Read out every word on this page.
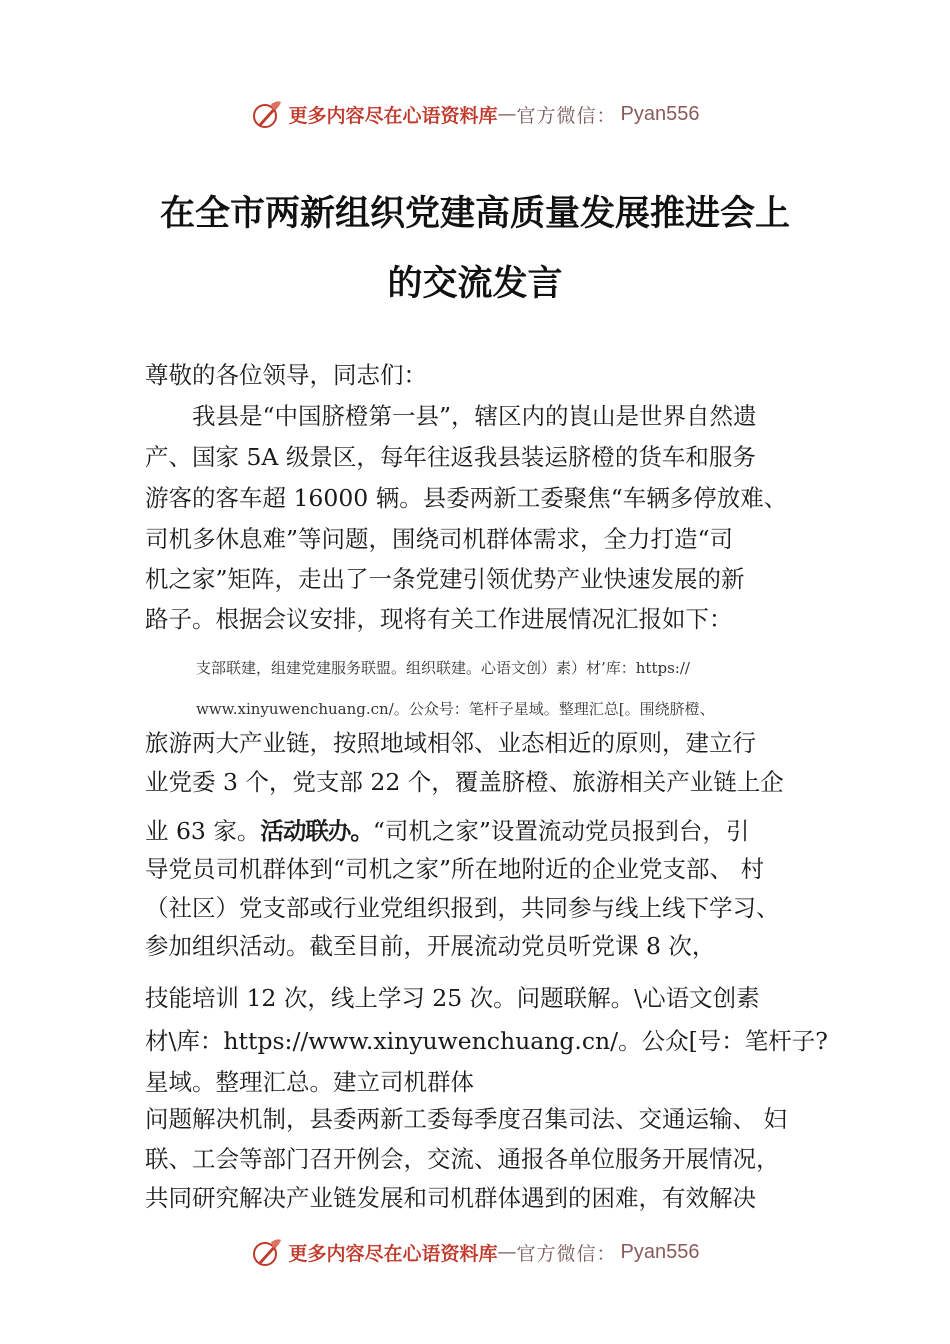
更多内容尽在心语资料库 — 官方微信： Pyan556
在全市两新组织党建高质量发展推进会上
的交流发言
尊敬的各位领导，同志们：
　　我县是“中国脐橙第一县”，辖区内的崀山是世界自然遗
产、国家 5A 级景区，每年往返我县装运脐橙的货车和服务
游客的客车超 16000 辆。县委两新工委聚焦“车辆多停放难、
司机多休息难”等问题，围绕司机群体需求，全力打造“司
机之家”矩阵，走出了一条党建引领优势产业快速发展的新
路子。根据会议安排，现将有关工作进展情况汇报如下：
支部联建，组建党建服务联盟。组织联建。心语文创）素）材’库：https://
www.xinyuwenchuang.cn/。公众号：笔杆子星域。整理汇总[。围绕脐橙、
旅游两大产业链，按照地域相邻、业态相近的原则，建立行
业党委 3 个，党支部 22 个，覆盖脐橙、旅游相关产业链上企
业 63 家。活动联办。“司机之家”设置流动党员报到台，引
导党员司机群体到“司机之家”所在地附近的企业党支部、 村
（社区）党支部或行业党组织报到，共同参与线上线下学习、
参加组织活动。截至目前，开展流动党员听党课 8 次，
技能培训 12 次，线上学习 25 次。问题联解。\心语文创素
材\库：https://www.xinyuwenchuang.cn/。公众[号：笔杆子?
星域。整理汇总。建立司机群体
问题解决机制，县委两新工委每季度召集司法、交通运输、 妇
联、工会等部门召开例会，交流、通报各单位服务开展情况，
共同研究解决产业链发展和司机群体遇到的困难，有效解决
更多内容尽在心语资料库 — 官方微信： Pyan556
